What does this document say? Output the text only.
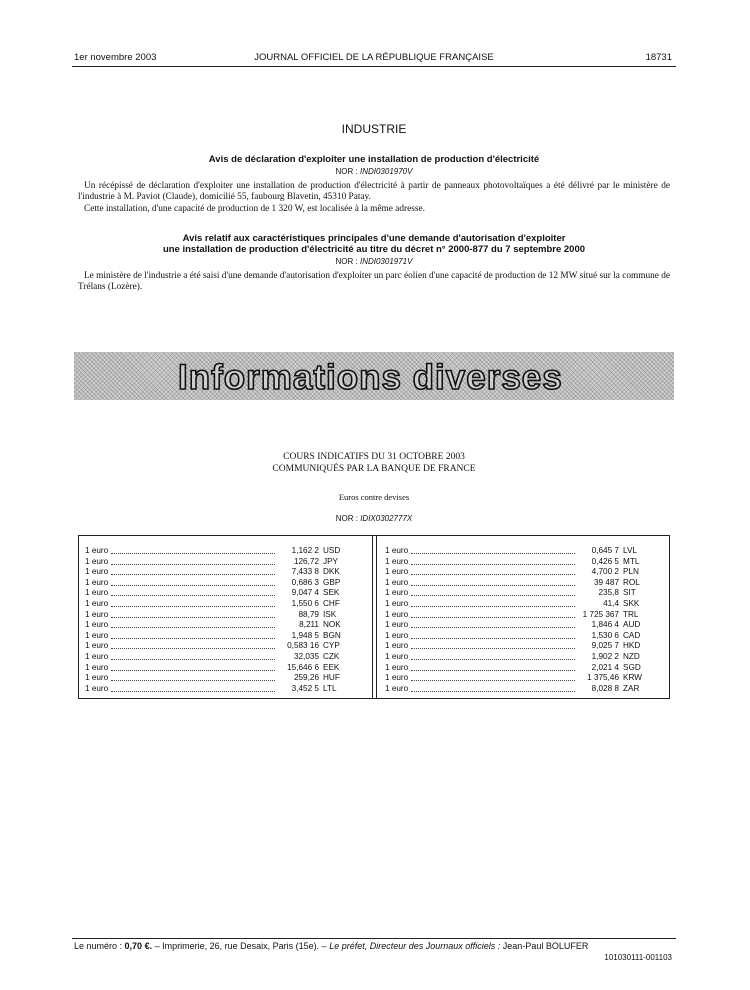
1er novembre 2003	JOURNAL OFFICIEL DE LA RÉPUBLIQUE FRANÇAISE	18731
INDUSTRIE
Avis de déclaration d'exploiter une installation de production d'électricité
NOR : INDI0301970V
Un récépissé de déclaration d'exploiter une installation de production d'électricité à partir de panneaux photovoltaïques a été délivré par le ministère de l'industrie à M. Paviot (Claude), domicilié 55, faubourg Blavetin, 45310 Patay.
Cette installation, d'une capacité de production de 1 320 W, est localisée à la même adresse.
Avis relatif aux caractéristiques principales d'une demande d'autorisation d'exploiter
une installation de production d'électricité au titre du décret n° 2000-877 du 7 septembre 2000
NOR : INDI0301971V
Le ministère de l'industrie a été saisi d'une demande d'autorisation d'exploiter un parc éolien d'une capacité de production de 12 MW situé sur la commune de Trélans (Lozère).
Informations diverses
COURS INDICATIFS DU 31 OCTOBRE 2003
COMMUNIQUÉS PAR LA BANQUE DE FRANCE
Euros contre devises
NOR : IDIX0302777X
1 euro	1,162 2 USD
1 euro	126,72 JPY
1 euro	7,433 8 DKK
1 euro	0,686 3 GBP
1 euro	9,047 4 SEK
1 euro	1,550 6 CHF
1 euro	88,79 ISK
1 euro	8,211 NOK
1 euro	1,948 5 BGN
1 euro	0,583 16 CYP
1 euro	32,035 CZK
1 euro	15,646 6 EEK
1 euro	259,26 HUF
1 euro	3,452 5 LTL
1 euro	0,645 7 LVL
1 euro	0,426 5 MTL
1 euro	4,700 2 PLN
1 euro	39 487 ROL
1 euro	235,8 SIT
1 euro	41,4 SKK
1 euro	1 725 367 TRL
1 euro	1,846 4 AUD
1 euro	1,530 6 CAD
1 euro	9,025 7 HKD
1 euro	1,902 2 NZD
1 euro	2,021 4 SGD
1 euro	1 375,46 KRW
1 euro	8,028 8 ZAR
Le numéro : 0,70 €. – Imprimerie, 26, rue Desaix, Paris (15e). – Le préfet, Directeur des Journaux officiels : Jean-Paul BOLUFER
101030111-001103
